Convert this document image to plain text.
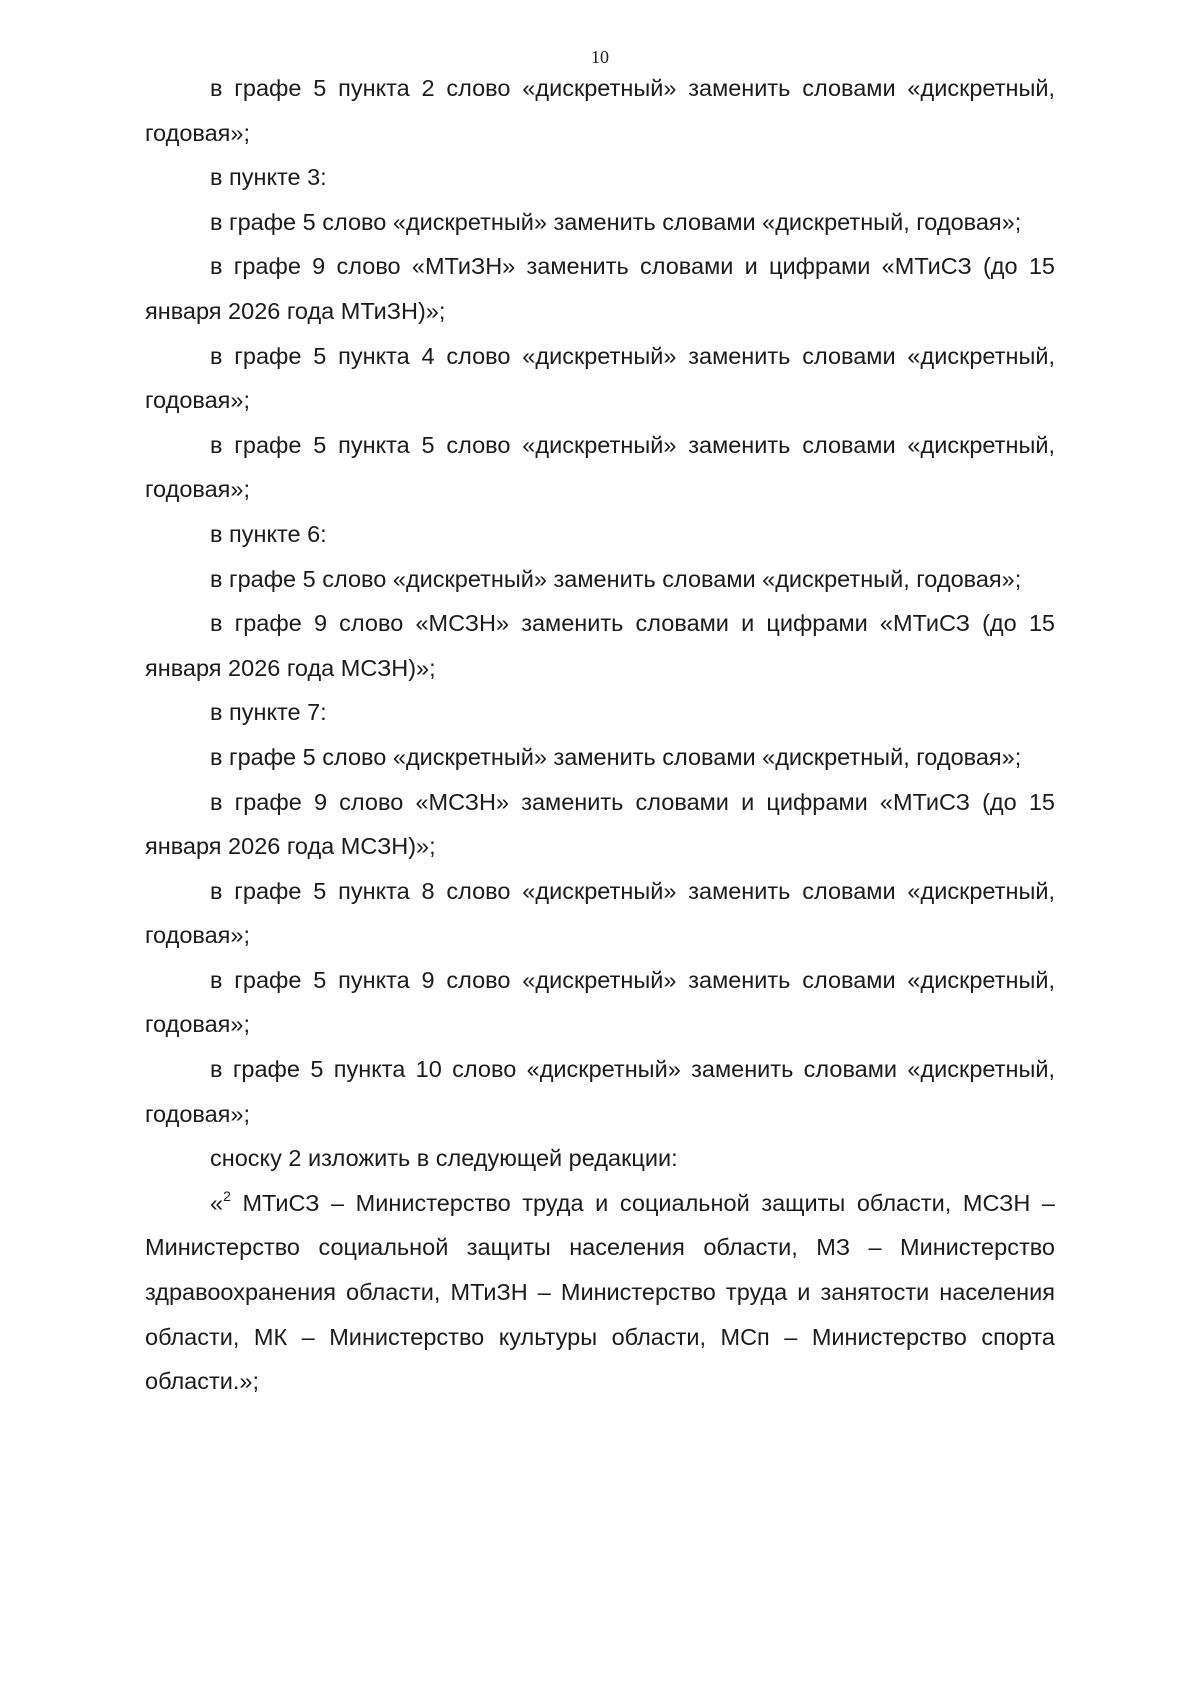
10
в графе 5 пункта 2 слово «дискретный» заменить словами «дискретный,
годовая»;
в пункте 3:
в графе 5 слово «дискретный» заменить словами «дискретный, годовая»;
в графе 9 слово «МТиЗН» заменить словами и цифрами «МТиСЗ (до 15
января 2026 года МТиЗН)»;
в графе 5 пункта 4 слово «дискретный» заменить словами «дискретный,
годовая»;
в графе 5 пункта 5 слово «дискретный» заменить словами «дискретный,
годовая»;
в пункте 6:
в графе 5 слово «дискретный» заменить словами «дискретный, годовая»;
в графе 9 слово «МСЗН» заменить словами и цифрами «МТиСЗ (до 15
января 2026 года МСЗН)»;
в пункте 7:
в графе 5 слово «дискретный» заменить словами «дискретный, годовая»;
в графе 9 слово «МСЗН» заменить словами и цифрами «МТиСЗ (до 15
января 2026 года МСЗН)»;
в графе 5 пункта 8 слово «дискретный» заменить словами «дискретный,
годовая»;
в графе 5 пункта 9 слово «дискретный» заменить словами «дискретный,
годовая»;
в графе 5 пункта 10 слово «дискретный» заменить словами «дискретный,
годовая»;
сноску 2 изложить в следующей редакции:
«$^2$ МТиСЗ – Министерство труда и социальной защиты области, МСЗН –
Министерство социальной защиты населения области, МЗ – Министерство
здравоохранения области, МТиЗН – Министерство труда и занятости населения
области, МК – Министерство культуры области, МСп – Министерство спорта
области.»;
